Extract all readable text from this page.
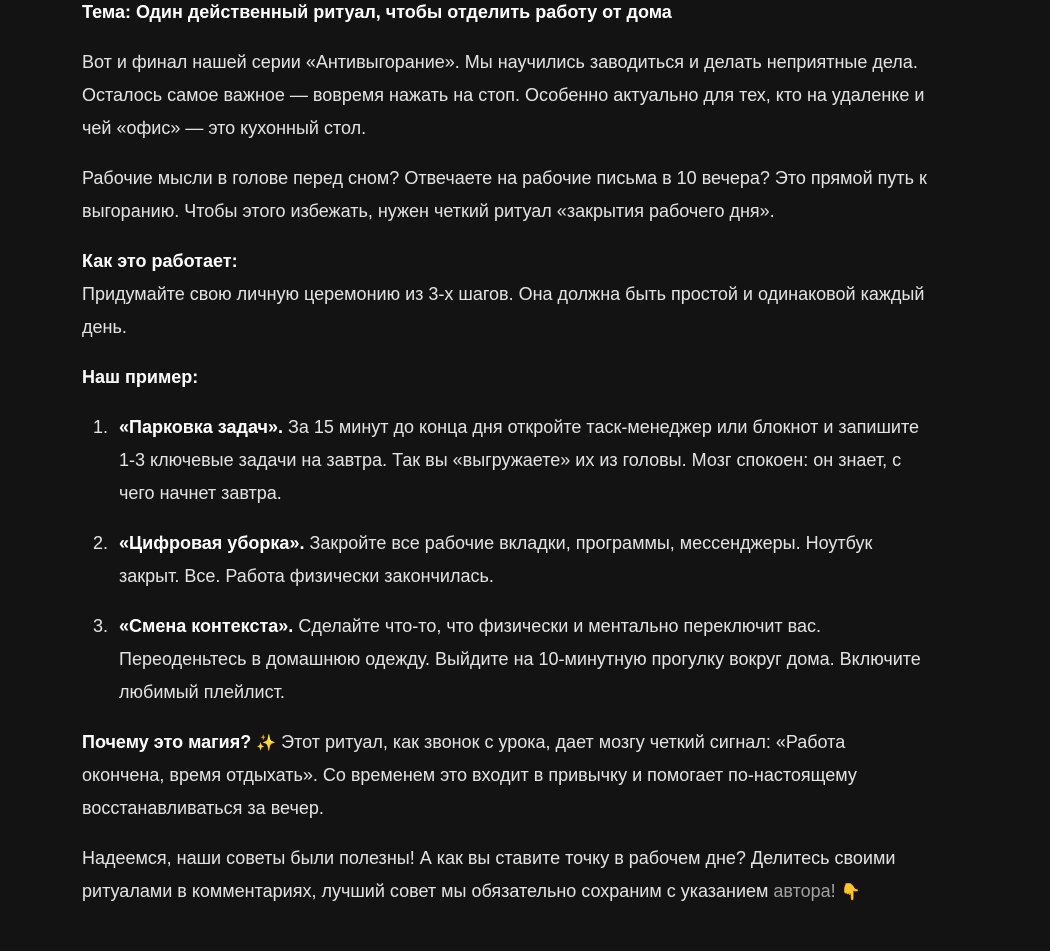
Тема: Один действенный ритуал, чтобы отделить работу от дома

Вот и финал нашей серии «Антивыгорание». Мы научились заводиться и делать неприятные дела. Осталось самое важное — вовремя нажать на стоп. Особенно актуально для тех, кто на удаленке и чей «офис» — это кухонный стол.

Рабочие мысли в голове перед сном? Отвечаете на рабочие письма в 10 вечера? Это прямой путь к выгоранию. Чтобы этого избежать, нужен четкий ритуал «закрытия рабочего дня».

Как это работает:
Придумайте свою личную церемонию из 3-х шагов. Она должна быть простой и одинаковой каждый день.

Наш пример:

1. «Парковка задач». За 15 минут до конца дня откройте таск-менеджер или блокнот и запишите 1-3 ключевые задачи на завтра. Так вы «выгружаете» их из головы. Мозг спокоен: он знает, с чего начнет завтра.
2. «Цифровая уборка». Закройте все рабочие вкладки, программы, мессенджеры. Ноутбук закрыт. Все. Работа физически закончилась.
3. «Смена контекста». Сделайте что-то, что физически и ментально переключит вас. Переоденьтесь в домашнюю одежду. Выйдите на 10-минутную прогулку вокруг дома. Включите любимый плейлист.

Почему это магия? ✨ Этот ритуал, как звонок с урока, дает мозгу четкий сигнал: «Работа окончена, время отдыхать». Со временем это входит в привычку и помогает по-настоящему восстанавливаться за вечер.

Надеемся, наши советы были полезны! А как вы ставите точку в рабочем дне? Делитесь своими ритуалами в комментариях, лучший совет мы обязательно сохраним с указанием автора! 👇
